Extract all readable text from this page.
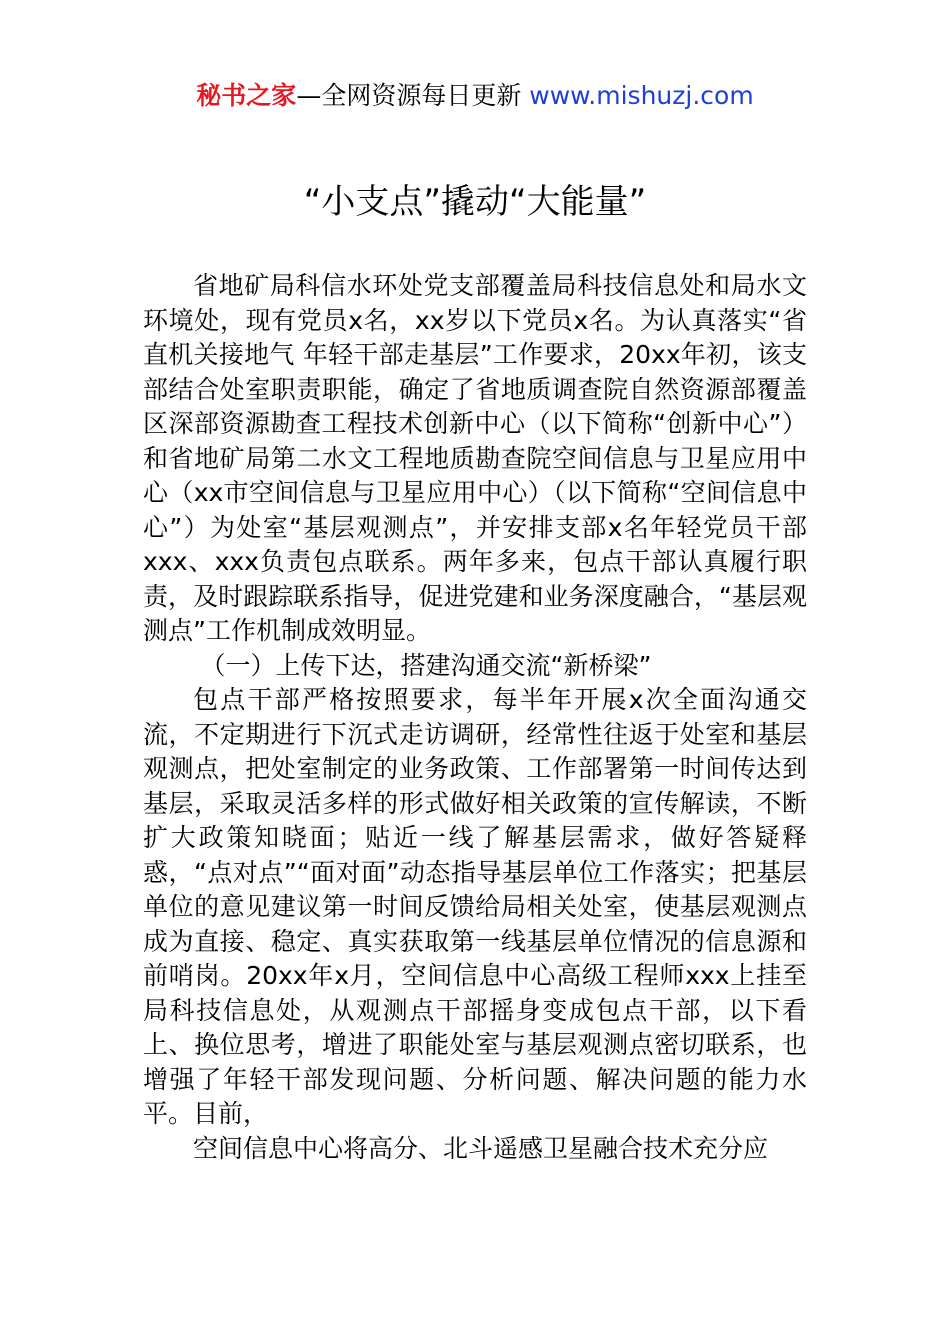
秘书之家—全网资源每日更新 www.mishuzj.com
“小支点”撬动“大能量”

省地矿局科信水环处党支部覆盖局科技信息处和局水文环境处，现有党员x名，xx岁以下党员x名。为认真落实“省直机关接地气 年轻干部走基层”工作要求，20xx年初，该支部结合处室职责职能，确定了省地质调查院自然资源部覆盖区深部资源勘查工程技术创新中心（以下简称“创新中心”）和省地矿局第二水文工程地质勘查院空间信息与卫星应用中心（xx市空间信息与卫星应用中心）（以下简称“空间信息中心”）为处室“基层观测点”，并安排支部x名年轻党员干部xxx、xxx负责包点联系。两年多来，包点干部认真履行职责，及时跟踪联系指导，促进党建和业务深度融合，“基层观测点”工作机制成效明显。

（一）上传下达，搭建沟通交流“新桥梁”

包点干部严格按照要求，每半年开展x次全面沟通交流，不定期进行下沉式走访调研，经常性往返于处室和基层观测点，把处室制定的业务政策、工作部署第一时间传达到基层，采取灵活多样的形式做好相关政策的宣传解读，不断扩大政策知晓面；贴近一线了解基层需求，做好答疑释惑，“点对点”“面对面”动态指导基层单位工作落实；把基层单位的意见建议第一时间反馈给局相关处室，使基层观测点成为直接、稳定、真实获取第一线基层单位情况的信息源和前哨岗。20xx年x月，空间信息中心高级工程师xxx上挂至局科技信息处，从观测点干部摇身变成包点干部，以下看上、换位思考，增进了职能处室与基层观测点密切联系，也增强了年轻干部发现问题、分析问题、解决问题的能力水平。目前，

空间信息中心将高分、北斗遥感卫星融合技术充分应
